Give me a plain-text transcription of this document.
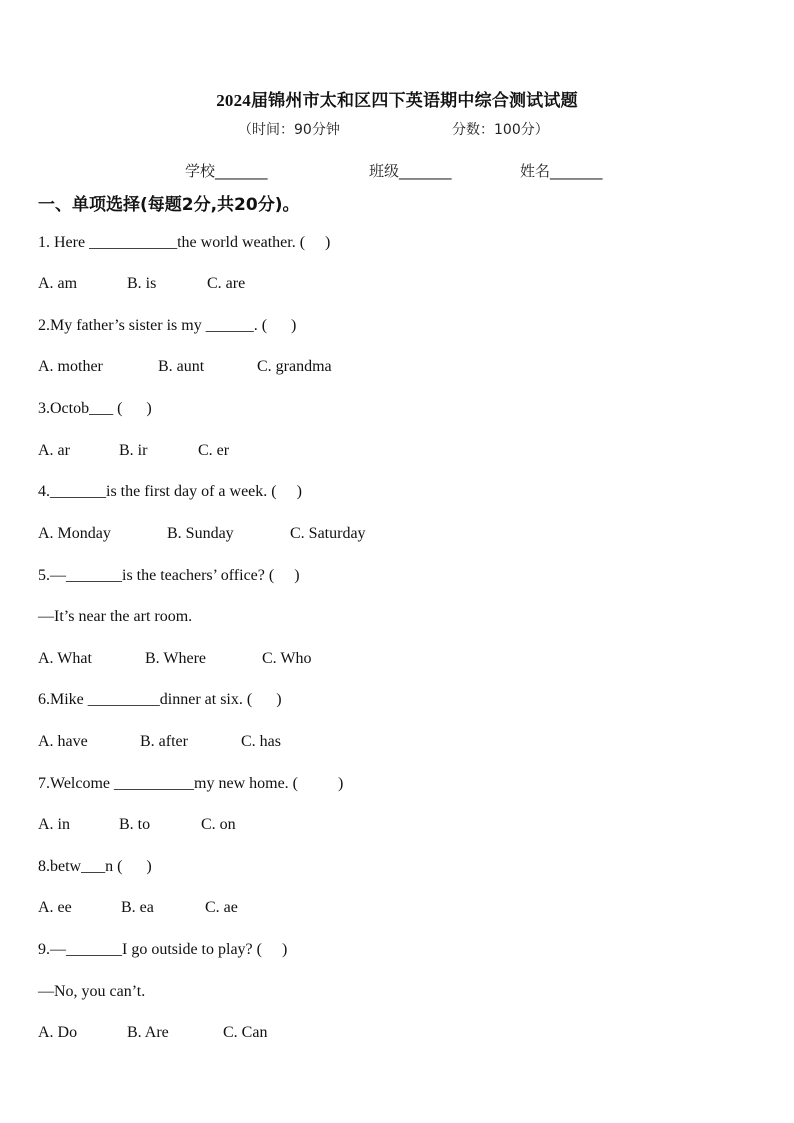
2024届锦州市太和区四下英语期中综合测试试题
（时间：90分钟	分数：100分）
学校_______	班级_______	姓名_______
一、单项选择(每题2分,共20分)。
1. Here ___________the world weather. (     )
A. am	B. is	C. are
2.My father’s sister is my ______. (      )
A. mother	B. aunt	C. grandma
3.Octob___ (      )
A. ar	B. ir	C. er
4._______is the first day of a week. (     )
A. Monday	B. Sunday	C. Saturday
5.—_______is the teachers’ office? (     )
—It’s near the art room.
A. What	B. Where	C. Who
6.Mike _________dinner at six. (      )
A. have	B. after	C. has
7.Welcome __________my new home. (          )
A. in	B. to	C. on
8.betw___n (      )
A. ee	B. ea	C. ae
9.—_______I go outside to play? (     )
—No, you can’t.
A. Do	B. Are	C. Can
